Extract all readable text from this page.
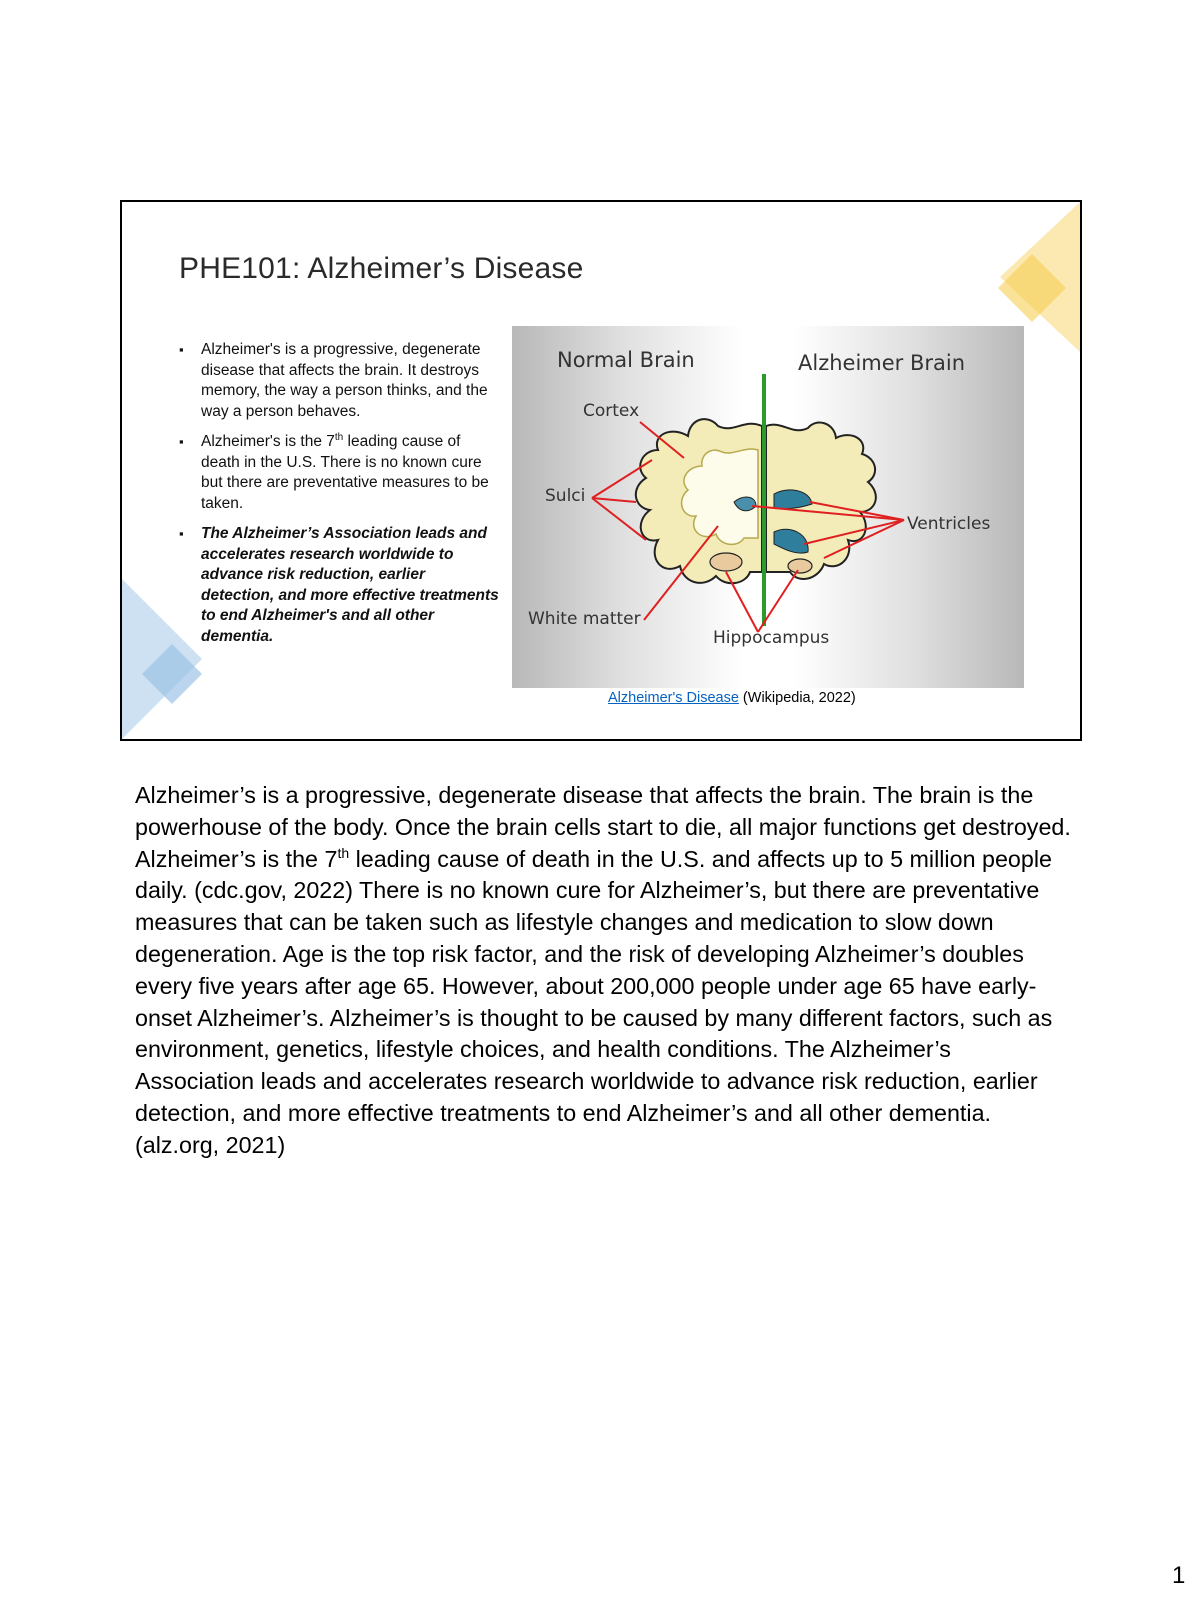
PHE101: Alzheimer’s Disease
▪ Alzheimer's is a progressive, degenerate disease that affects the brain. It destroys memory, the way a person thinks, and the way a person behaves.
▪ Alzheimer's is the 7th leading cause of death in the U.S. There is no known cure but there are preventative measures to be taken.
▪ The Alzheimer’s Association leads and accelerates research worldwide to advance risk reduction, earlier detection, and more effective treatments to end Alzheimer's and all other dementia.
Normal Brain	Alzheimer Brain
Cortex
Sulci
Ventricles
White matter
Hippocampus
Alzheimer's Disease (Wikipedia, 2022)

Alzheimer’s is a progressive, degenerate disease that affects the brain. The brain is the powerhouse of the body. Once the brain cells start to die, all major functions get destroyed. Alzheimer’s is the 7th leading cause of death in the U.S. and affects up to 5 million people daily. (cdc.gov, 2022) There is no known cure for Alzheimer’s, but there are preventative measures that can be taken such as lifestyle changes and medication to slow down degeneration. Age is the top risk factor, and the risk of developing Alzheimer’s doubles every five years after age 65. However, about 200,000 people under age 65 have early-onset Alzheimer’s. Alzheimer’s is thought to be caused by many different factors, such as environment, genetics, lifestyle choices, and health conditions. The Alzheimer’s Association leads and accelerates research worldwide to advance risk reduction, earlier detection, and more effective treatments to end Alzheimer’s and all other dementia. (alz.org, 2021)

1
